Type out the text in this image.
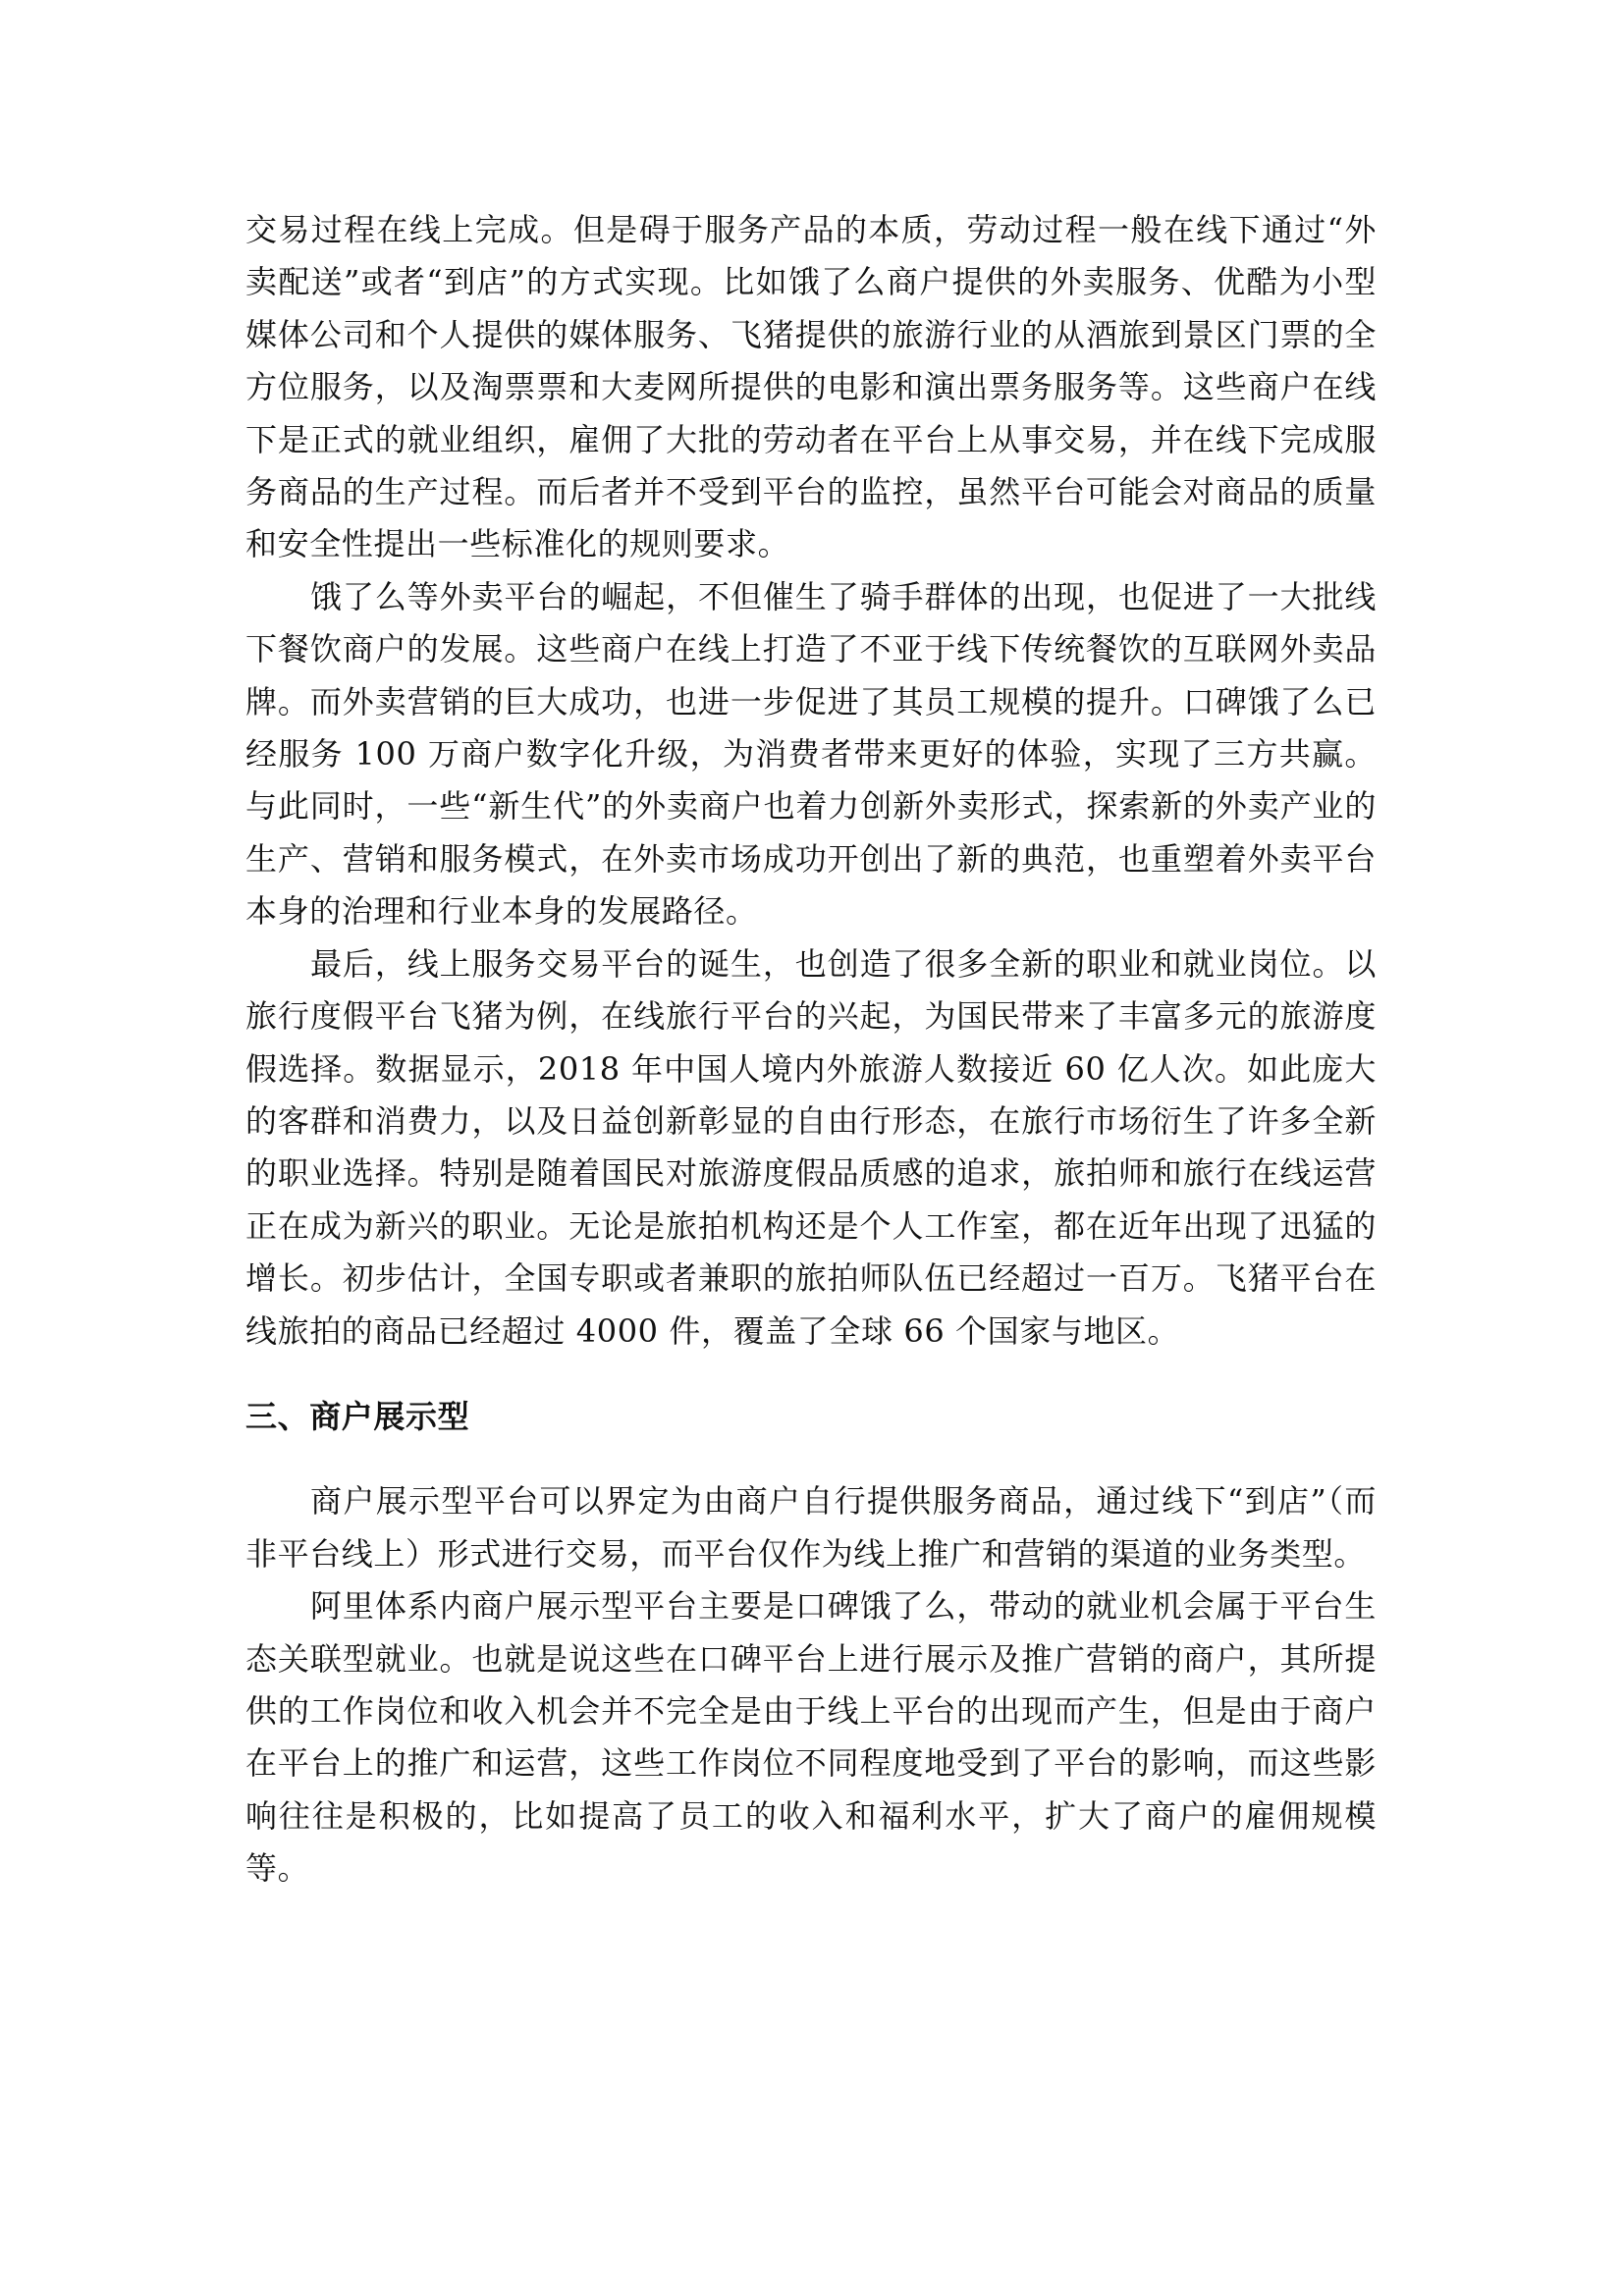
交易过程在线上完成。但是碍于服务产品的本质，劳动过程一般在线下通过“外卖配送”或者“到店”的方式实现。比如饿了么商户提供的外卖服务、优酷为小型媒体公司和个人提供的媒体服务、飞猪提供的旅游行业的从酒旅到景区门票的全方位服务，以及淘票票和大麦网所提供的电影和演出票务服务等。这些商户在线下是正式的就业组织，雇佣了大批的劳动者在平台上从事交易，并在线下完成服务商品的生产过程。而后者并不受到平台的监控，虽然平台可能会对商品的质量和安全性提出一些标准化的规则要求。

饿了么等外卖平台的崛起，不但催生了骑手群体的出现，也促进了一大批线下餐饮商户的发展。这些商户在线上打造了不亚于线下传统餐饮的互联网外卖品牌。而外卖营销的巨大成功，也进一步促进了其员工规模的提升。口碑饿了么已经服务 100 万商户数字化升级，为消费者带来更好的体验，实现了三方共赢。与此同时，一些“新生代”的外卖商户也着力创新外卖形式，探索新的外卖产业的生产、营销和服务模式，在外卖市场成功开创出了新的典范，也重塑着外卖平台本身的治理和行业本身的发展路径。

最后，线上服务交易平台的诞生，也创造了很多全新的职业和就业岗位。以旅行度假平台飞猪为例，在线旅行平台的兴起，为国民带来了丰富多元的旅游度假选择。数据显示，2018 年中国人境内外旅游人数接近 60 亿人次。如此庞大的客群和消费力，以及日益创新彰显的自由行形态，在旅行市场衍生了许多全新的职业选择。特别是随着国民对旅游度假品质感的追求，旅拍师和旅行在线运营正在成为新兴的职业。无论是旅拍机构还是个人工作室，都在近年出现了迅猛的增长。初步估计，全国专职或者兼职的旅拍师队伍已经超过一百万。飞猪平台在线旅拍的商品已经超过 4000 件，覆盖了全球 66 个国家与地区。

三、商户展示型

商户展示型平台可以界定为由商户自行提供服务商品，通过线下“到店”（而非平台线上）形式进行交易，而平台仅作为线上推广和营销的渠道的业务类型。

阿里体系内商户展示型平台主要是口碑饿了么，带动的就业机会属于平台生态关联型就业。也就是说这些在口碑平台上进行展示及推广营销的商户，其所提供的工作岗位和收入机会并不完全是由于线上平台的出现而产生，但是由于商户在平台上的推广和运营，这些工作岗位不同程度地受到了平台的影响，而这些影响往往是积极的，比如提高了员工的收入和福利水平，扩大了商户的雇佣规模等。
